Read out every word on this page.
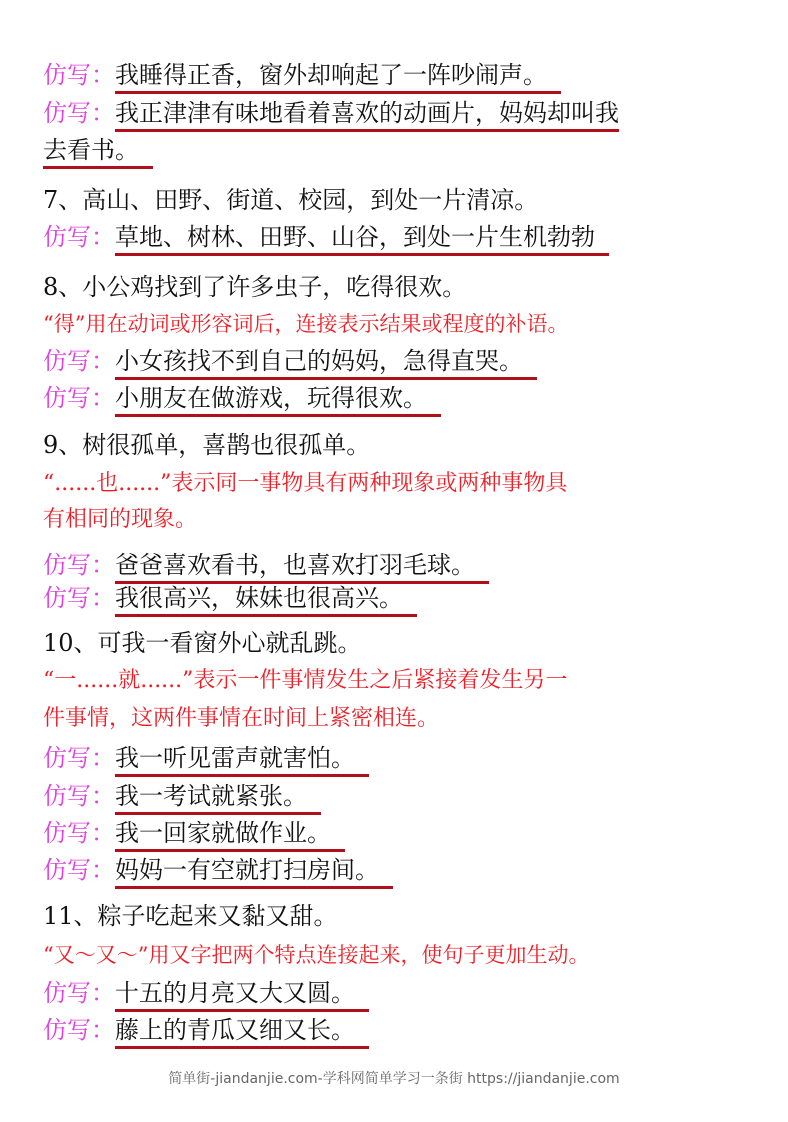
仿写：我睡得正香，窗外却响起了一阵吵闹声。
仿写：我正津津有味地看着喜欢的动画片，妈妈却叫我
去看书。
7、高山、田野、街道、校园，到处一片清凉。
仿写：草地、树林、田野、山谷，到处一片生机勃勃
8、小公鸡找到了许多虫子，吃得很欢。
“得”用在动词或形容词后，连接表示结果或程度的补语。
仿写：小女孩找不到自己的妈妈，急得直哭。
仿写：小朋友在做游戏，玩得很欢。
9、树很孤单，喜鹊也很孤单。
“......也......”表示同一事物具有两种现象或两种事物具
有相同的现象。
仿写：爸爸喜欢看书，也喜欢打羽毛球。
仿写：我很高兴，妹妹也很高兴。
10、可我一看窗外心就乱跳。
“一......就......”表示一件事情发生之后紧接着发生另一
件事情，这两件事情在时间上紧密相连。
仿写：我一听见雷声就害怕。
仿写：我一考试就紧张。
仿写：我一回家就做作业。
仿写：妈妈一有空就打扫房间。
11、粽子吃起来又黏又甜。
“又～又～”用又字把两个特点连接起来，使句子更加生动。
仿写：十五的月亮又大又圆。
仿写：藤上的青瓜又细又长。
简单街-jiandanjie.com-学科网简单学习一条街 https://jiandanjie.com
